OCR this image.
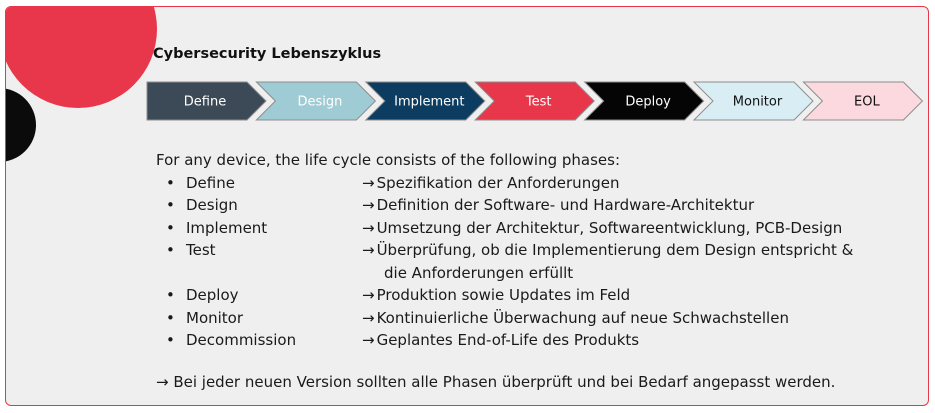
Cybersecurity Lebenszyklus
For any device, the life cycle consists of the following phases:
• Define	→ Spezifikation der Anforderungen
• Design	→ Definition der Software- und Hardware-Architektur
• Implement	→ Umsetzung der Architektur, Softwareentwicklung, PCB-Design
• Test	→ Überprüfung, ob die Implementierung dem Design entspricht &
die Anforderungen erfüllt
• Deploy	→ Produktion sowie Updates im Feld
• Monitor	→ Kontinuierliche Überwachung auf neue Schwachstellen
• Decommission	→ Geplantes End-of-Life des Produkts
→ Bei jeder neuen Version sollten alle Phasen überprüft und bei Bedarf angepasst werden.
Define	Design	Implement	Test	Deploy	Monitor	EOL
